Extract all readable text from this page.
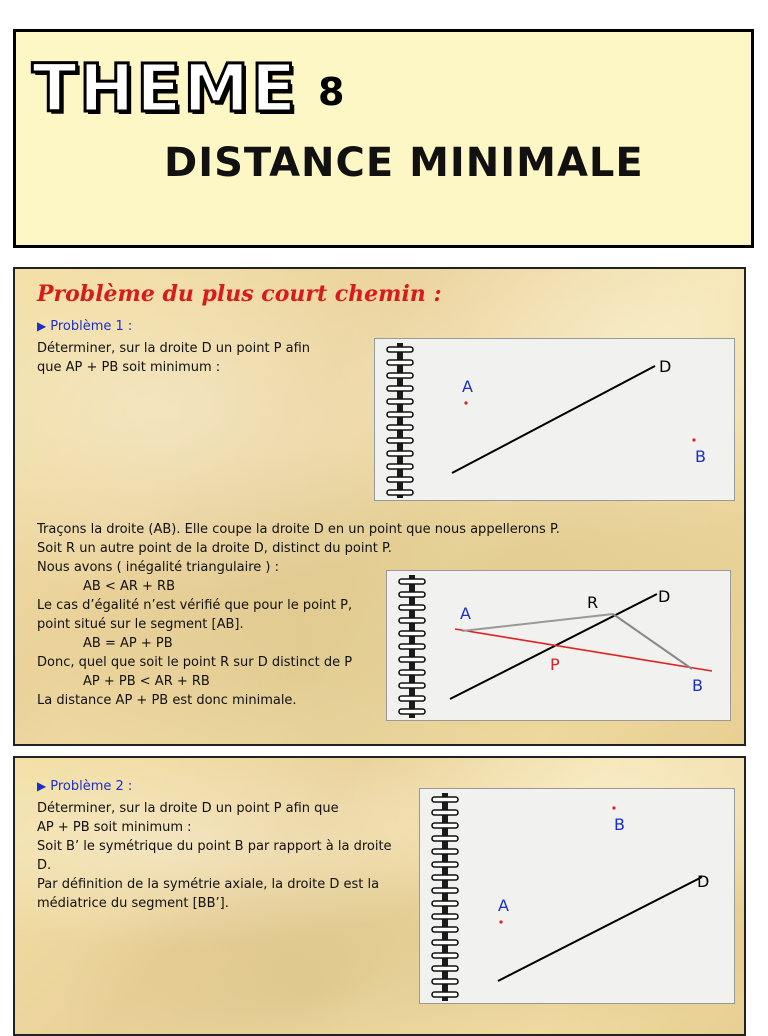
THEME 8
DISTANCE MINIMALE
Problème du plus court chemin :
▶ Problème 1 :
Déterminer, sur la droite D un point P afin
que AP + PB soit minimum :
A
B
D
Traçons la droite (AB). Elle coupe la droite D en un point que nous appellerons P.
Soit R un autre point de la droite D, distinct du point P.
Nous avons ( inégalité triangulaire ) :
AB < AR + RB
Le cas d’égalité n’est vérifié que pour le point P,
point situé sur le segment [AB].
AB = AP + PB
Donc, quel que soit le point R sur D distinct de P
AP + PB < AR + RB
La distance AP + PB est donc minimale.
A
B
D
R
P
▶ Problème 2 :
Déterminer, sur la droite D un point P afin que
AP + PB soit minimum :
Soit B’ le symétrique du point B par rapport à la droite
D.
Par définition de la symétrie axiale, la droite D est la
médiatrice du segment [BB’].
B
A
D
